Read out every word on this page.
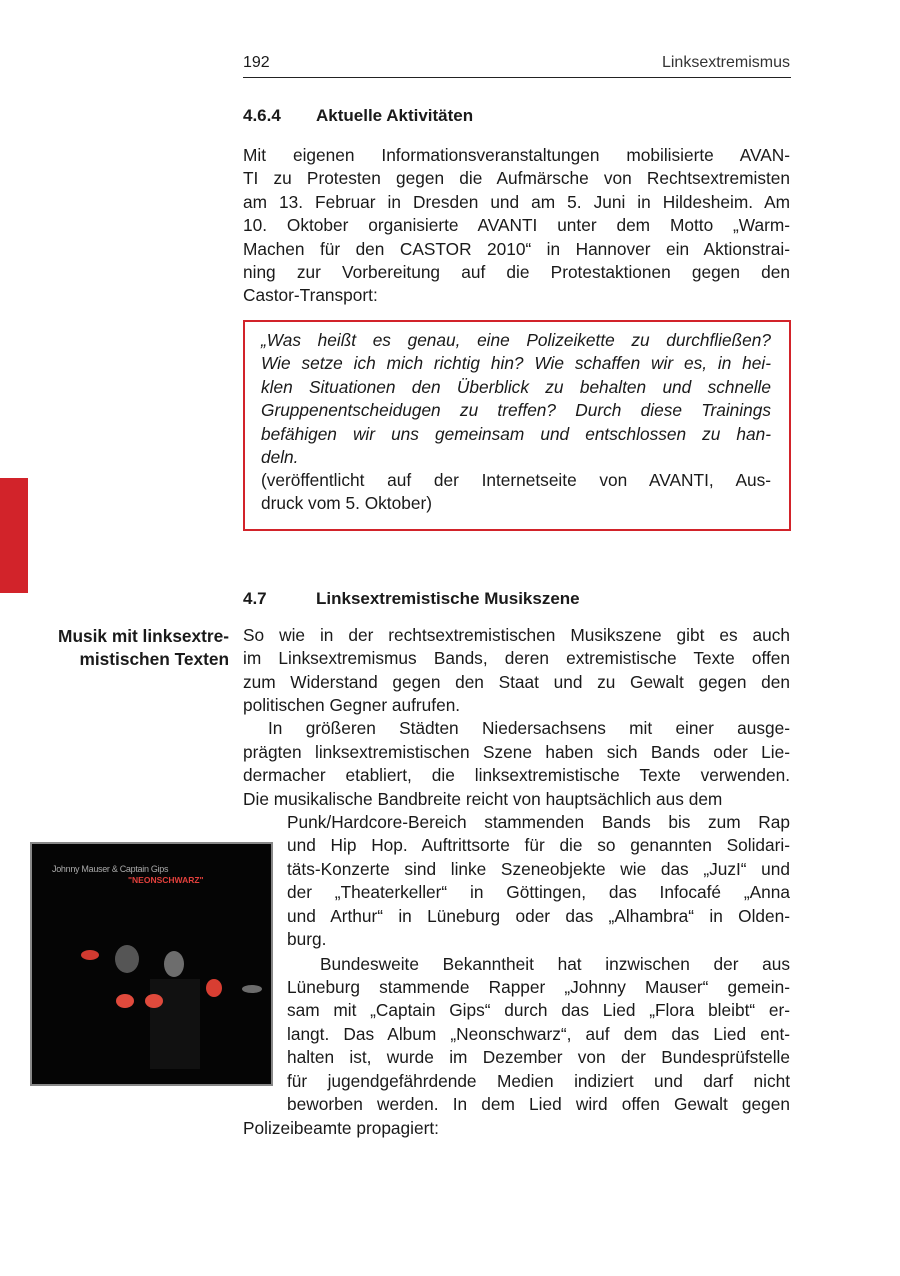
192	Linksextremismus
4.6.4 Aktuelle Aktivitäten
Mit eigenen Informationsveranstaltungen mobilisierte AVAN-
TI zu Protesten gegen die Aufmärsche von Rechtsextremisten
am 13. Februar in Dresden und am 5. Juni in Hildesheim. Am
10. Oktober organisierte AVANTI unter dem Motto „Warm-
Machen für den CASTOR 2010“ in Hannover ein Aktionstrai-
ning zur Vorbereitung auf die Protestaktionen gegen den
Castor-Transport:
„Was heißt es genau, eine Polizeikette zu durchfließen?
Wie setze ich mich richtig hin? Wie schaffen wir es, in hei-
klen Situationen den Überblick zu behalten und schnelle
Gruppenentscheidugen zu treffen? Durch diese Trainings
befähigen wir uns gemeinsam und entschlossen zu han-
deln.
(veröffentlicht auf der Internetseite von AVANTI, Aus-
druck vom 5. Oktober)
4.7	Linksextremistische Musikszene
Musik mit linksextre-
mistischen Texten
So wie in der rechtsextremistischen Musikszene gibt es auch
im Linksextremismus Bands, deren extremistische Texte offen
zum Widerstand gegen den Staat und zu Gewalt gegen den
politischen Gegner aufrufen.
In größeren Städten Niedersachsens mit einer ausge-
prägten linksextremistischen Szene haben sich Bands oder Lie-
dermacher etabliert, die linksextremistische Texte verwenden.
Die musikalische Bandbreite reicht von hauptsächlich aus dem
Punk/Hardcore-Bereich stammenden Bands bis zum Rap
und Hip Hop. Auftrittsorte für die so genannten Solidari-
täts-Konzerte sind linke Szeneobjekte wie das „JuzI“ und
der „Theaterkeller“ in Göttingen, das Infocafé „Anna
und Arthur“ in Lüneburg oder das „Alhambra“ in Olden-
burg.
Bundesweite Bekanntheit hat inzwischen der aus
Lüneburg stammende Rapper „Johnny Mauser“ gemein-
sam mit „Captain Gips“ durch das Lied „Flora bleibt“ er-
langt. Das Album „Neonschwarz“, auf dem das Lied ent-
halten ist, wurde im Dezember von der Bundesprüfstelle
für jugendgefährdende Medien indiziert und darf nicht
beworben werden. In dem Lied wird offen Gewalt gegen
Polizeibeamte propagiert:
Johnny Mauser & Captain Gips
"NEONSCHWARZ"
